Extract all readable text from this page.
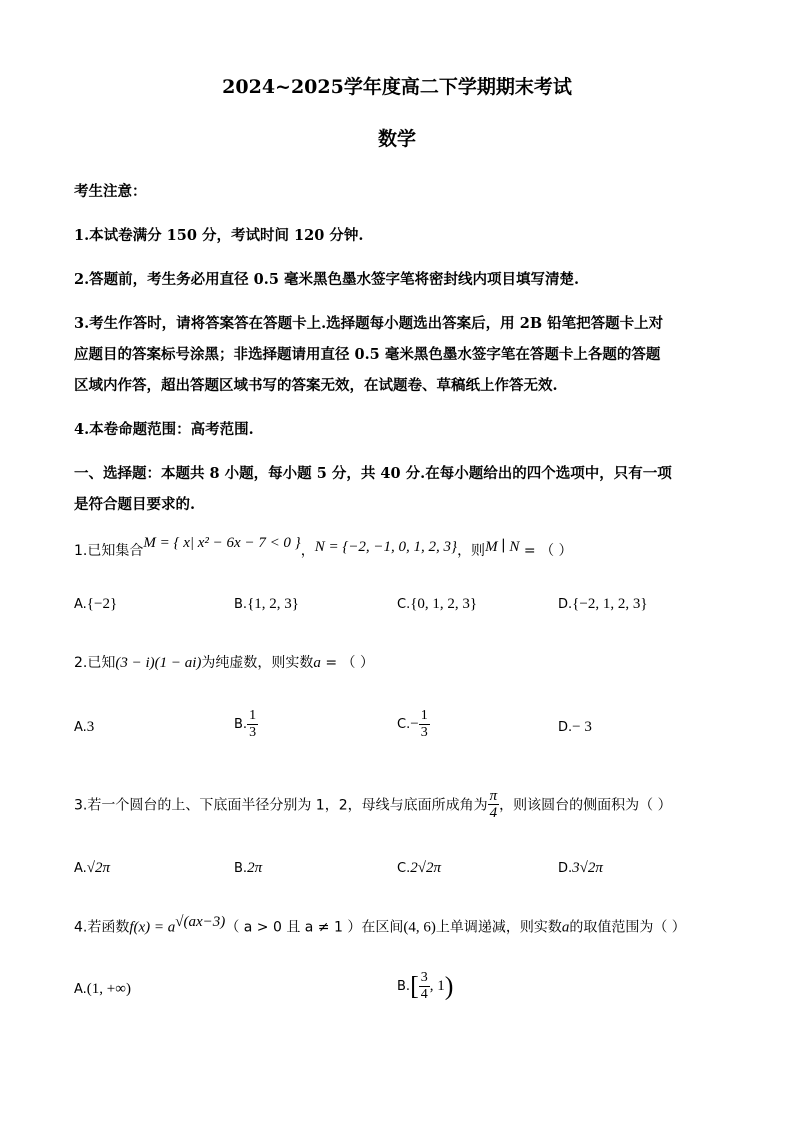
2024~2025学年度高二下学期期末考试
数学
考生注意：
1.本试卷满分 150 分，考试时间 120 分钟.
2.答题前，考生务必用直径 0.5 毫米黑色墨水签字笔将密封线内项目填写清楚.
3.考生作答时，请将答案答在答题卡上.选择题每小题选出答案后，用 2B 铅笔把答题卡上对
应题目的答案标号涂黑；非选择题请用直径 0.5 毫米黑色墨水签字笔在答题卡上各题的答题
区域内作答，超出答题区域书写的答案无效，在试题卷、草稿纸上作答无效.
4.本卷命题范围：高考范围.
一、选择题：本题共 8 小题，每小题 5 分，共 40 分.在每小题给出的四个选项中，只有一项
是符合题目要求的.
1.已知集合M = { x| x² − 6x − 7 < 0 }，N = {−2, −1, 0, 1, 2, 3}，则M ∣ N = （ ）
A.{−2}	B.{1, 2, 3}	C.{0, 1, 2, 3}	D.{−2, 1, 2, 3}
2.已知(3 − i)(1 − ai)为纯虚数，则实数a = （ ）
A.3	B. $\frac{1}{3}$	$C.- \frac{1}{3}$	D.− 3
3.若一个圆台的上、下底面半径分别为 1，2，母线与底面所成角为 $\frac{\pi}{4}$ ，则该圆台的侧面积为（ ）
A.√2π	B.2π	C.2√2π	D.3√2π
4.若函数$f(x) = a^{√(ax-3)}$（ a > 0 且 a ≠ 1 ）在区间(4, 6)上单调递减，则实数a的取值范围为（ ）
A.(1, +∞)	$B.[ \frac{3}{4}$ , 1)
